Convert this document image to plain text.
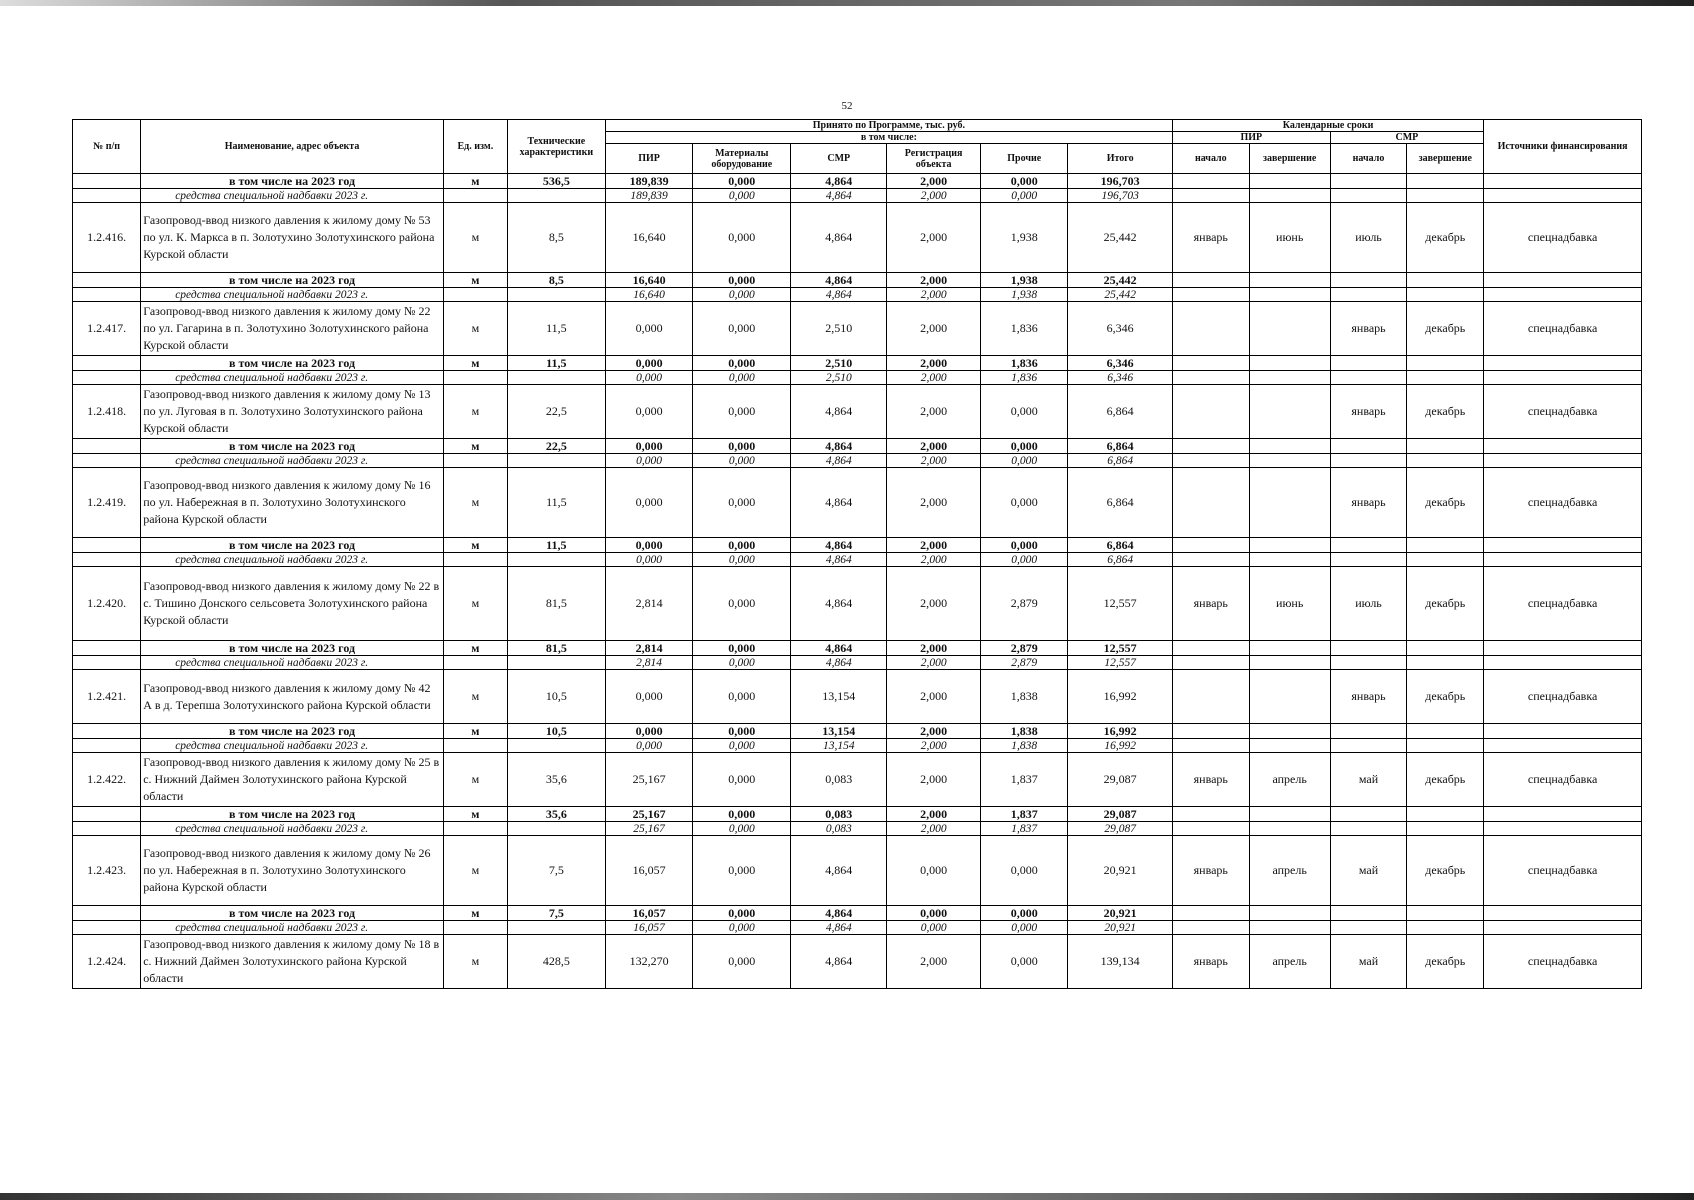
52
№ п/п	Наименование, адрес объекта	Ед. изм.	Технические характеристики	Принято по Программе, тыс. руб.						Календарные сроки				Источники финансирования
				в том числе:						ПИР		СМР		
				ПИР	Материалы оборудование	СМР	Регистрация объекта	Прочие	Итого	начало	завершение	начало	завершение	
	в том числе на 2023 год	м	536,5	189,839	0,000	4,864	2,000	0,000	196,703					
	средства специальной надбавки 2023 г.			189,839	0,000	4,864	2,000	0,000	196,703					
1.2.416.	Газопровод-ввод низкого давления к жилому дому № 53 по ул. К. Маркса в п. Золотухино Золотухинского района Курской области	м	8,5	16,640	0,000	4,864	2,000	1,938	25,442	январь	июнь	июль	декабрь	спецнадбавка
	в том числе на 2023 год	м	8,5	16,640	0,000	4,864	2,000	1,938	25,442					
	средства специальной надбавки 2023 г.			16,640	0,000	4,864	2,000	1,938	25,442					
1.2.417.	Газопровод-ввод низкого давления к жилому дому № 22 по ул. Гагарина в п. Золотухино Золотухинского района Курской области	м	11,5	0,000	0,000	2,510	2,000	1,836	6,346			январь	декабрь	спецнадбавка
	в том числе на 2023 год	м	11,5	0,000	0,000	2,510	2,000	1,836	6,346					
	средства специальной надбавки 2023 г.			0,000	0,000	2,510	2,000	1,836	6,346					
1.2.418.	Газопровод-ввод низкого давления к жилому дому № 13 по ул. Луговая в п. Золотухино Золотухинского района Курской области	м	22,5	0,000	0,000	4,864	2,000	0,000	6,864			январь	декабрь	спецнадбавка
	в том числе на 2023 год	м	22,5	0,000	0,000	4,864	2,000	0,000	6,864					
	средства специальной надбавки 2023 г.			0,000	0,000	4,864	2,000	0,000	6,864					
1.2.419.	Газопровод-ввод низкого давления к жилому дому № 16 по ул. Набережная в п. Золотухино Золотухинского района Курской области	м	11,5	0,000	0,000	4,864	2,000	0,000	6,864			январь	декабрь	спецнадбавка
	в том числе на 2023 год	м	11,5	0,000	0,000	4,864	2,000	0,000	6,864					
	средства специальной надбавки 2023 г.			0,000	0,000	4,864	2,000	0,000	6,864					
1.2.420.	Газопровод-ввод низкого давления к жилому дому № 22 в с. Тишино Донского сельсовета Золотухинского района Курской области	м	81,5	2,814	0,000	4,864	2,000	2,879	12,557	январь	июнь	июль	декабрь	спецнадбавка
	в том числе на 2023 год	м	81,5	2,814	0,000	4,864	2,000	2,879	12,557					
	средства специальной надбавки 2023 г.			2,814	0,000	4,864	2,000	2,879	12,557					
1.2.421.	Газопровод-ввод низкого давления к жилому дому № 42 А в д. Терепша Золотухинского района Курской области	м	10,5	0,000	0,000	13,154	2,000	1,838	16,992			январь	декабрь	спецнадбавка
	в том числе на 2023 год	м	10,5	0,000	0,000	13,154	2,000	1,838	16,992					
	средства специальной надбавки 2023 г.			0,000	0,000	13,154	2,000	1,838	16,992					
1.2.422.	Газопровод-ввод низкого давления к жилому дому № 25 в с. Нижний Даймен Золотухинского района Курской области	м	35,6	25,167	0,000	0,083	2,000	1,837	29,087	январь	апрель	май	декабрь	спецнадбавка
	в том числе на 2023 год	м	35,6	25,167	0,000	0,083	2,000	1,837	29,087					
	средства специальной надбавки 2023 г.			25,167	0,000	0,083	2,000	1,837	29,087					
1.2.423.	Газопровод-ввод низкого давления к жилому дому № 26 по ул. Набережная в п. Золотухино Золотухинского района Курской области	м	7,5	16,057	0,000	4,864	0,000	0,000	20,921	январь	апрель	май	декабрь	спецнадбавка
	в том числе на 2023 год	м	7,5	16,057	0,000	4,864	0,000	0,000	20,921					
	средства специальной надбавки 2023 г.			16,057	0,000	4,864	0,000	0,000	20,921					
1.2.424.	Газопровод-ввод низкого давления к жилому дому № 18 в с. Нижний Даймен Золотухинского района Курской области	м	428,5	132,270	0,000	4,864	2,000	0,000	139,134	январь	апрель	май	декабрь	спецнадбавка
